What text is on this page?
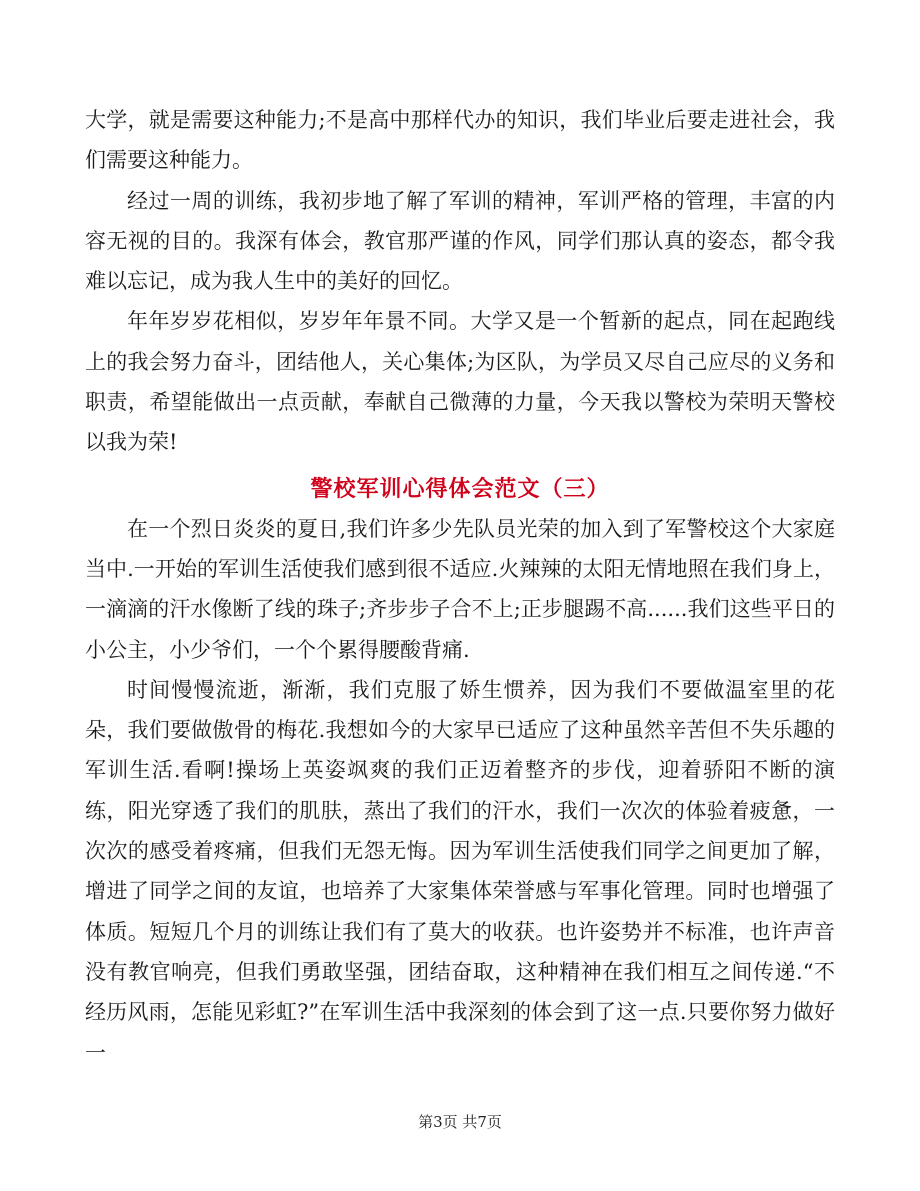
大学，就是需要这种能力;不是高中那样代办的知识，我们毕业后要走进社会，我们需要这种能力。

经过一周的训练，我初步地了解了军训的精神，军训严格的管理，丰富的内容无视的目的。我深有体会，教官那严谨的作风，同学们那认真的姿态，都令我难以忘记，成为我人生中的美好的回忆。

年年岁岁花相似，岁岁年年景不同。大学又是一个暂新的起点，同在起跑线上的我会努力奋斗，团结他人，关心集体;为区队，为学员又尽自己应尽的义务和职责，希望能做出一点贡献，奉献自己微薄的力量，今天我以警校为荣明天警校以我为荣!

警校军训心得体会范文（三）

在一个烈日炎炎的夏日,我们许多少先队员光荣的加入到了军警校这个大家庭当中.一开始的军训生活使我们感到很不适应.火辣辣的太阳无情地照在我们身上，一滴滴的汗水像断了线的珠子;齐步步子合不上;正步腿踢不高......我们这些平日的小公主，小少爷们，一个个累得腰酸背痛.

时间慢慢流逝，渐渐，我们克服了娇生惯养，因为我们不要做温室里的花朵，我们要做傲骨的梅花.我想如今的大家早已适应了这种虽然辛苦但不失乐趣的军训生活.看啊!操场上英姿飒爽的我们正迈着整齐的步伐，迎着骄阳不断的演练，阳光穿透了我们的肌肤，蒸出了我们的汗水，我们一次次的体验着疲惫，一次次的感受着疼痛，但我们无怨无悔。因为军训生活使我们同学之间更加了解，增进了同学之间的友谊，也培养了大家集体荣誉感与军事化管理。同时也增强了体质。短短几个月的训练让我们有了莫大的收获。也许姿势并不标准，也许声音没有教官响亮，但我们勇敢坚强，团结奋取，这种精神在我们相互之间传递.“不经历风雨，怎能见彩虹?”在军训生活中我深刻的体会到了这一点.只要你努力做好一

第3页 共7页
